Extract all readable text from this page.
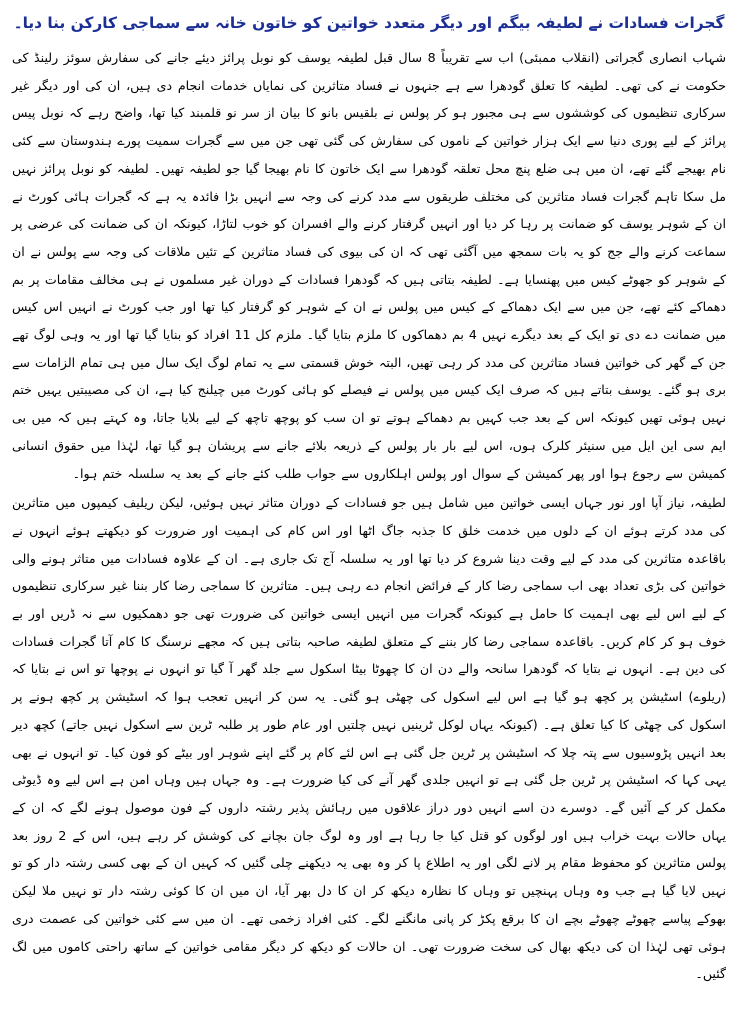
گجرات فسادات نے لطیفہ بیگم اور دیگر متعدد خواتین کو خاتون خانہ سے سماجی کارکن بنا دیا۔

شہاب انصاری گجراتی (انقلاب ممبئی) اب سے تقریباً 8 سال قبل لطیفہ یوسف کو نوبل پرائز دیئے جانے کی سفارش سوئز رلینڈ کی حکومت نے کی تھی۔ لطیفہ کا تعلق گودھرا سے ہے جنہوں نے فساد متاثرین کی نمایاں خدمات انجام دی ہیں، ان کی اور دیگر غیر سرکاری تنظیموں کی کوششوں سے ہی مجبور ہو کر پولس نے بلقیس بانو کا بیان از سر نو قلمبند کیا تھا، واضح رہے کہ نوبل پیس پرائز کے لیے پوری دنیا سے ایک ہزار خواتین کے ناموں کی سفارش کی گئی تھی جن میں سے گجرات سمیت پورے ہندوستان سے کئی نام بھیجے گئے تھے، ان میں ہی ضلع پنچ محل تعلقہ گودھرا سے ایک خاتون کا نام بھیجا گیا جو لطیفہ تھیں۔ لطیفہ کو نوبل پرائز نہیں مل سکا تاہم گجرات فساد متاثرین کی مختلف طریقوں سے مدد کرنے کی وجہ سے انہیں بڑا فائدہ یہ ہے کہ گجرات ہائی کورٹ نے ان کے شوہر یوسف کو ضمانت پر رہا کر دیا اور انہیں گرفتار کرنے والے افسران کو خوب لتاڑا، کیونکہ ان کی ضمانت کی عرضی پر سماعت کرنے والے جج کو یہ بات سمجھ میں آگئی تھی کہ ان کی بیوی کی فساد متاثرین کے تئیں ملاقات کی وجہ سے پولس نے ان کے شوہر کو جھوٹے کیس میں پھنسایا ہے۔ لطیفہ بتاتی ہیں کہ گودھرا فسادات کے دوران غیر مسلموں نے ہی مخالف مقامات پر بم دھماکے کئے تھے، جن میں سے ایک دھماکے کے کیس میں پولس نے ان کے شوہر کو گرفتار کیا تھا اور جب کورٹ نے انہیں اس کیس میں ضمانت دے دی تو ایک کے بعد دیگرے نہیں 4 بم دھماکوں کا ملزم بتایا گیا۔ ملزم کل 11 افراد کو بنایا گیا تھا اور یہ وہی لوگ تھے جن کے گھر کی خواتین فساد متاثرین کی مدد کر رہی تھیں، البتہ خوش قسمتی سے یہ تمام لوگ ایک سال میں ہی تمام الزامات سے بری ہو گئے۔ یوسف بتاتے ہیں کہ صرف ایک کیس میں پولس نے فیصلے کو ہائی کورٹ میں چیلنج کیا ہے، ان کی مصیبتیں یہیں ختم نہیں ہوئی تھیں کیونکہ اس کے بعد جب کہیں بم دھماکے ہوتے تو ان سب کو پوچھ تاچھ کے لیے بلایا جاتا، وہ کہتے ہیں کہ میں بی ایم سی این ایل میں سنیئر کلرک ہوں، اس لیے بار بار پولس کے ذریعہ بلائے جانے سے پریشان ہو گیا تھا، لہٰذا میں حقوق انسانی کمیشن سے رجوع ہوا اور پھر کمیشن کے سوال اور پولس اہلکاروں سے جواب طلب کئے جانے کے بعد یہ سلسلہ ختم ہوا۔

لطیفہ، نیاز آپا اور نور جہاں ایسی خواتین میں شامل ہیں جو فسادات کے دوران متاثر نہیں ہوئیں، لیکن ریلیف کیمپوں میں متاثرین کی مدد کرتے ہوئے ان کے دلوں میں خدمت خلق کا جذبہ جاگ اٹھا اور اس کام کی اہمیت اور ضرورت کو دیکھتے ہوئے انہوں نے باقاعدہ متاثرین کی مدد کے لیے وقت دینا شروع کر دیا تھا اور یہ سلسلہ آج تک جاری ہے۔ ان کے علاوہ فسادات میں متاثر ہونے والی خواتین کی بڑی تعداد بھی اب سماجی رضا کار کے فرائض انجام دے رہی ہیں۔ متاثرین کا سماجی رضا کار بننا غیر سرکاری تنظیموں کے لیے اس لیے بھی اہمیت کا حامل ہے کیونکہ گجرات میں انہیں ایسی خواتین کی ضرورت تھی جو دھمکیوں سے نہ ڈریں اور بے خوف ہو کر کام کریں۔ باقاعدہ سماجی رضا کار بننے کے متعلق لطیفہ صاحبہ بتاتی ہیں کہ مجھے نرسنگ کا کام آتا گجرات فسادات کی دین ہے۔ انہوں نے بتایا کہ گودھرا سانحہ والے دن ان کا چھوٹا بیٹا اسکول سے جلد گھر آ گیا تو انہوں نے پوچھا تو اس نے بتایا کہ (ریلوے) اسٹیشن پر کچھ ہو گیا ہے اس لیے اسکول کی چھٹی ہو گئی۔ یہ سن کر انہیں تعجب ہوا کہ اسٹیشن پر کچھ ہونے پر اسکول کی چھٹی کا کیا تعلق ہے۔ (کیونکہ یہاں لوکل ٹرینیں نہیں چلتیں اور عام طور پر طلبہ ٹرین سے اسکول نہیں جاتے) کچھ دیر بعد انہیں پڑوسیوں سے پتہ چلا کہ اسٹیشن پر ٹرین جل گئی ہے اس لئے کام پر گئے اپنے شوہر اور بیٹے کو فون کیا۔ تو انہوں نے بھی یہی کہا کہ اسٹیشن پر ٹرین جل گئی ہے تو انہیں جلدی گھر آنے کی کیا ضرورت ہے۔ وہ جہاں ہیں وہاں امن ہے اس لیے وہ ڈیوٹی مکمل کر کے آئیں گے۔ دوسرے دن اسے انہیں دور دراز علاقوں میں رہائش پذیر رشتہ داروں کے فون موصول ہونے لگے کہ ان کے یہاں حالات بہت خراب ہیں اور لوگوں کو قتل کیا جا رہا ہے اور وہ لوگ جان بچانے کی کوشش کر رہے ہیں، اس کے 2 روز بعد پولس متاثرین کو محفوظ مقام پر لانے لگی اور یہ اطلاع پا کر وہ بھی یہ دیکھنے چلی گئیں کہ کہیں ان کے بھی کسی رشتہ دار کو تو نہیں لایا گیا ہے جب وہ وہاں پہنچیں تو وہاں کا نظارہ دیکھ کر ان کا دل بھر آیا، ان میں ان کا کوئی رشتہ دار تو نہیں ملا لیکن بھوکے پیاسے چھوٹے چھوٹے بچے ان کا برقع پکڑ کر پانی مانگنے لگے۔ کئی افراد زخمی تھے۔ ان میں سے کئی خواتین کی عصمت دری ہوئی تھی لہٰذا ان کی دیکھ بھال کی سخت ضرورت تھی۔ ان حالات کو دیکھ کر دیگر مقامی خواتین کے ساتھ راحتی کاموں میں لگ گئیں۔
